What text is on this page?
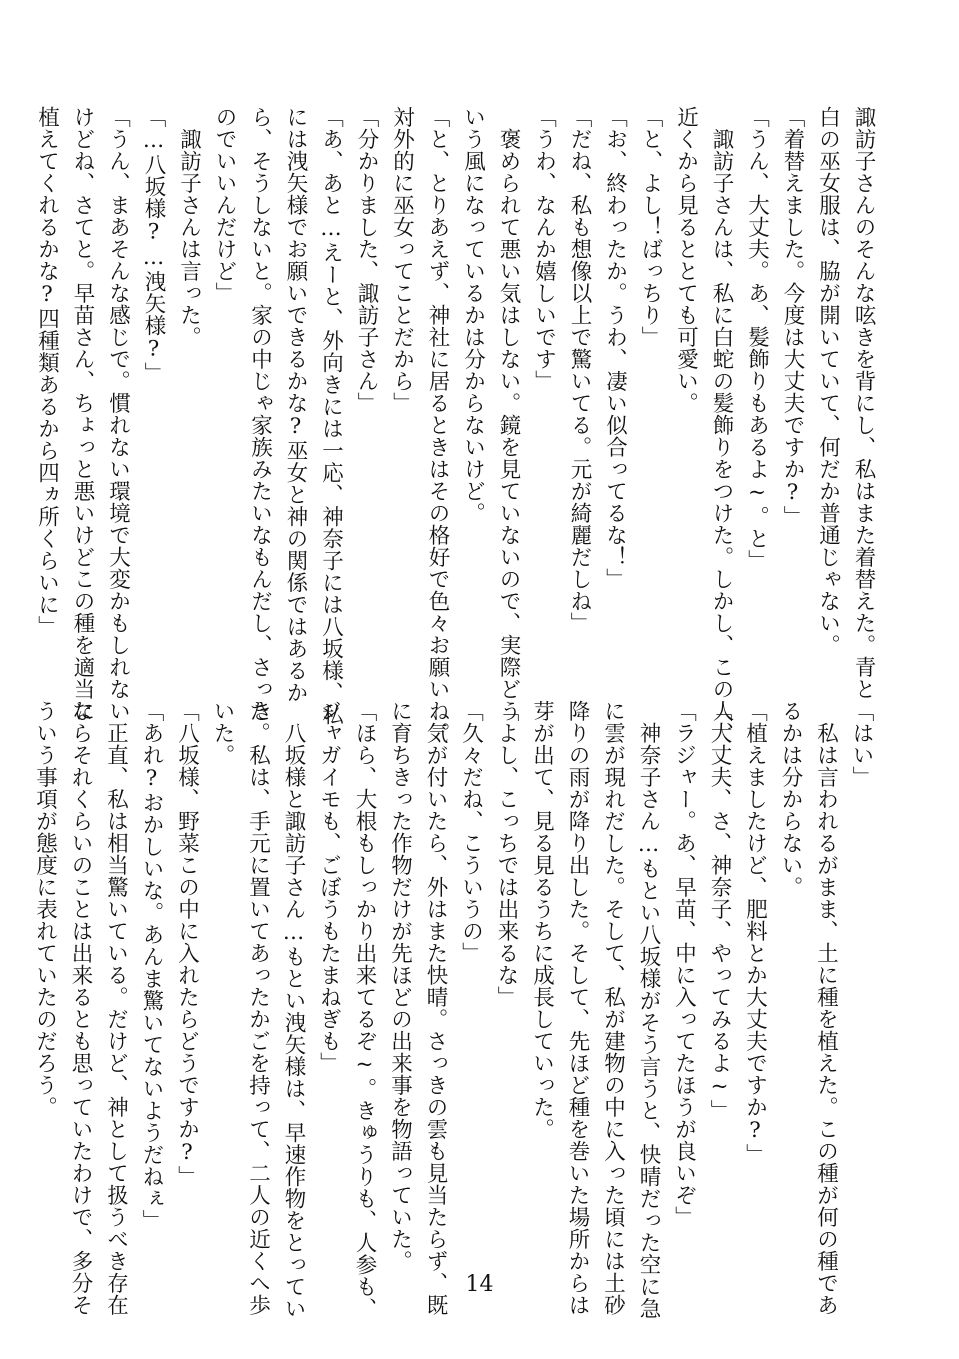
諏訪子さんのそんな呟きを背にし、私はまた着替えた。青と
白の巫女服は、脇が開いていて、何だか普通じゃない。
「着替えました。今度は大丈夫ですか?」
「うん、大丈夫。あ、髪飾りもあるよ~。と」
　諏訪子さんは、私に白蛇の髪飾りをつけた。しかし、この人、
近くから見るととても可愛い。
「と、よし！ばっちり」
「お、終わったか。うわ、凄い似合ってるな！」
「だね、私も想像以上で驚いてる。元が綺麗だしね」
「うわ、なんか嬉しいです」
　褒められて悪い気はしない。鏡を見ていないので、実際どう
いう風になっているかは分からないけど。
「と、とりあえず、神社に居るときはその格好で色々お願いね。
対外的に巫女ってことだから」
「分かりました、諏訪子さん」
「あ、あと…えーと、外向きには一応、神奈子には八坂様、私
には洩矢様でお願いできるかな?巫女と神の関係ではあるか
ら、そうしないと。家の中じゃ家族みたいなもんだし、さっき
のでいいんだけど」
　諏訪子さんは言った。
「…八坂様?…洩矢様?」
「うん、まあそんな感じで。慣れない環境で大変かもしれない
けどね、さてと。早苗さん、ちょっと悪いけどこの種を適当に
植えてくれるかな?四種類あるから四ヵ所くらいに」
「はい」
　私は言われるがまま、土に種を植えた。この種が何の種であ
るかは分からない。
「植えましたけど、肥料とか大丈夫ですか?」
「大丈夫、さ、神奈子、やってみるよ~」
「ラジャー。あ、早苗、中に入ってたほうが良いぞ」
　神奈子さん…もとい八坂様がそう言うと、快晴だった空に急
に雲が現れだした。そして、私が建物の中に入った頃には土砂
降りの雨が降り出した。そして、先ほど種を巻いた場所からは
芽が出て、見る見るうちに成長していった。
「よし、こっちでは出来るな」
「久々だね、こういうの」
　気が付いたら、外はまた快晴。さっきの雲も見当たらず、既
に育ちきった作物だけが先ほどの出来事を物語っていた。
「ほら、大根もしっかり出来てるぞ~。きゅうりも、人参も、
ジャガイモも、ごぼうもたまねぎも」
　八坂様と諏訪子さん…もとい洩矢様は、早速作物をとってい
た。私は、手元に置いてあったかごを持って、二人の近くへ歩
いた。
「八坂様、野菜この中に入れたらどうですか?」
「あれ?おかしいな。あんま驚いてないようだねぇ」
　正直、私は相当驚いている。だけど、神として扱うべき存在
ならそれくらいのことは出来るとも思っていたわけで、多分そ
ういう事項が態度に表れていたのだろう。
14
